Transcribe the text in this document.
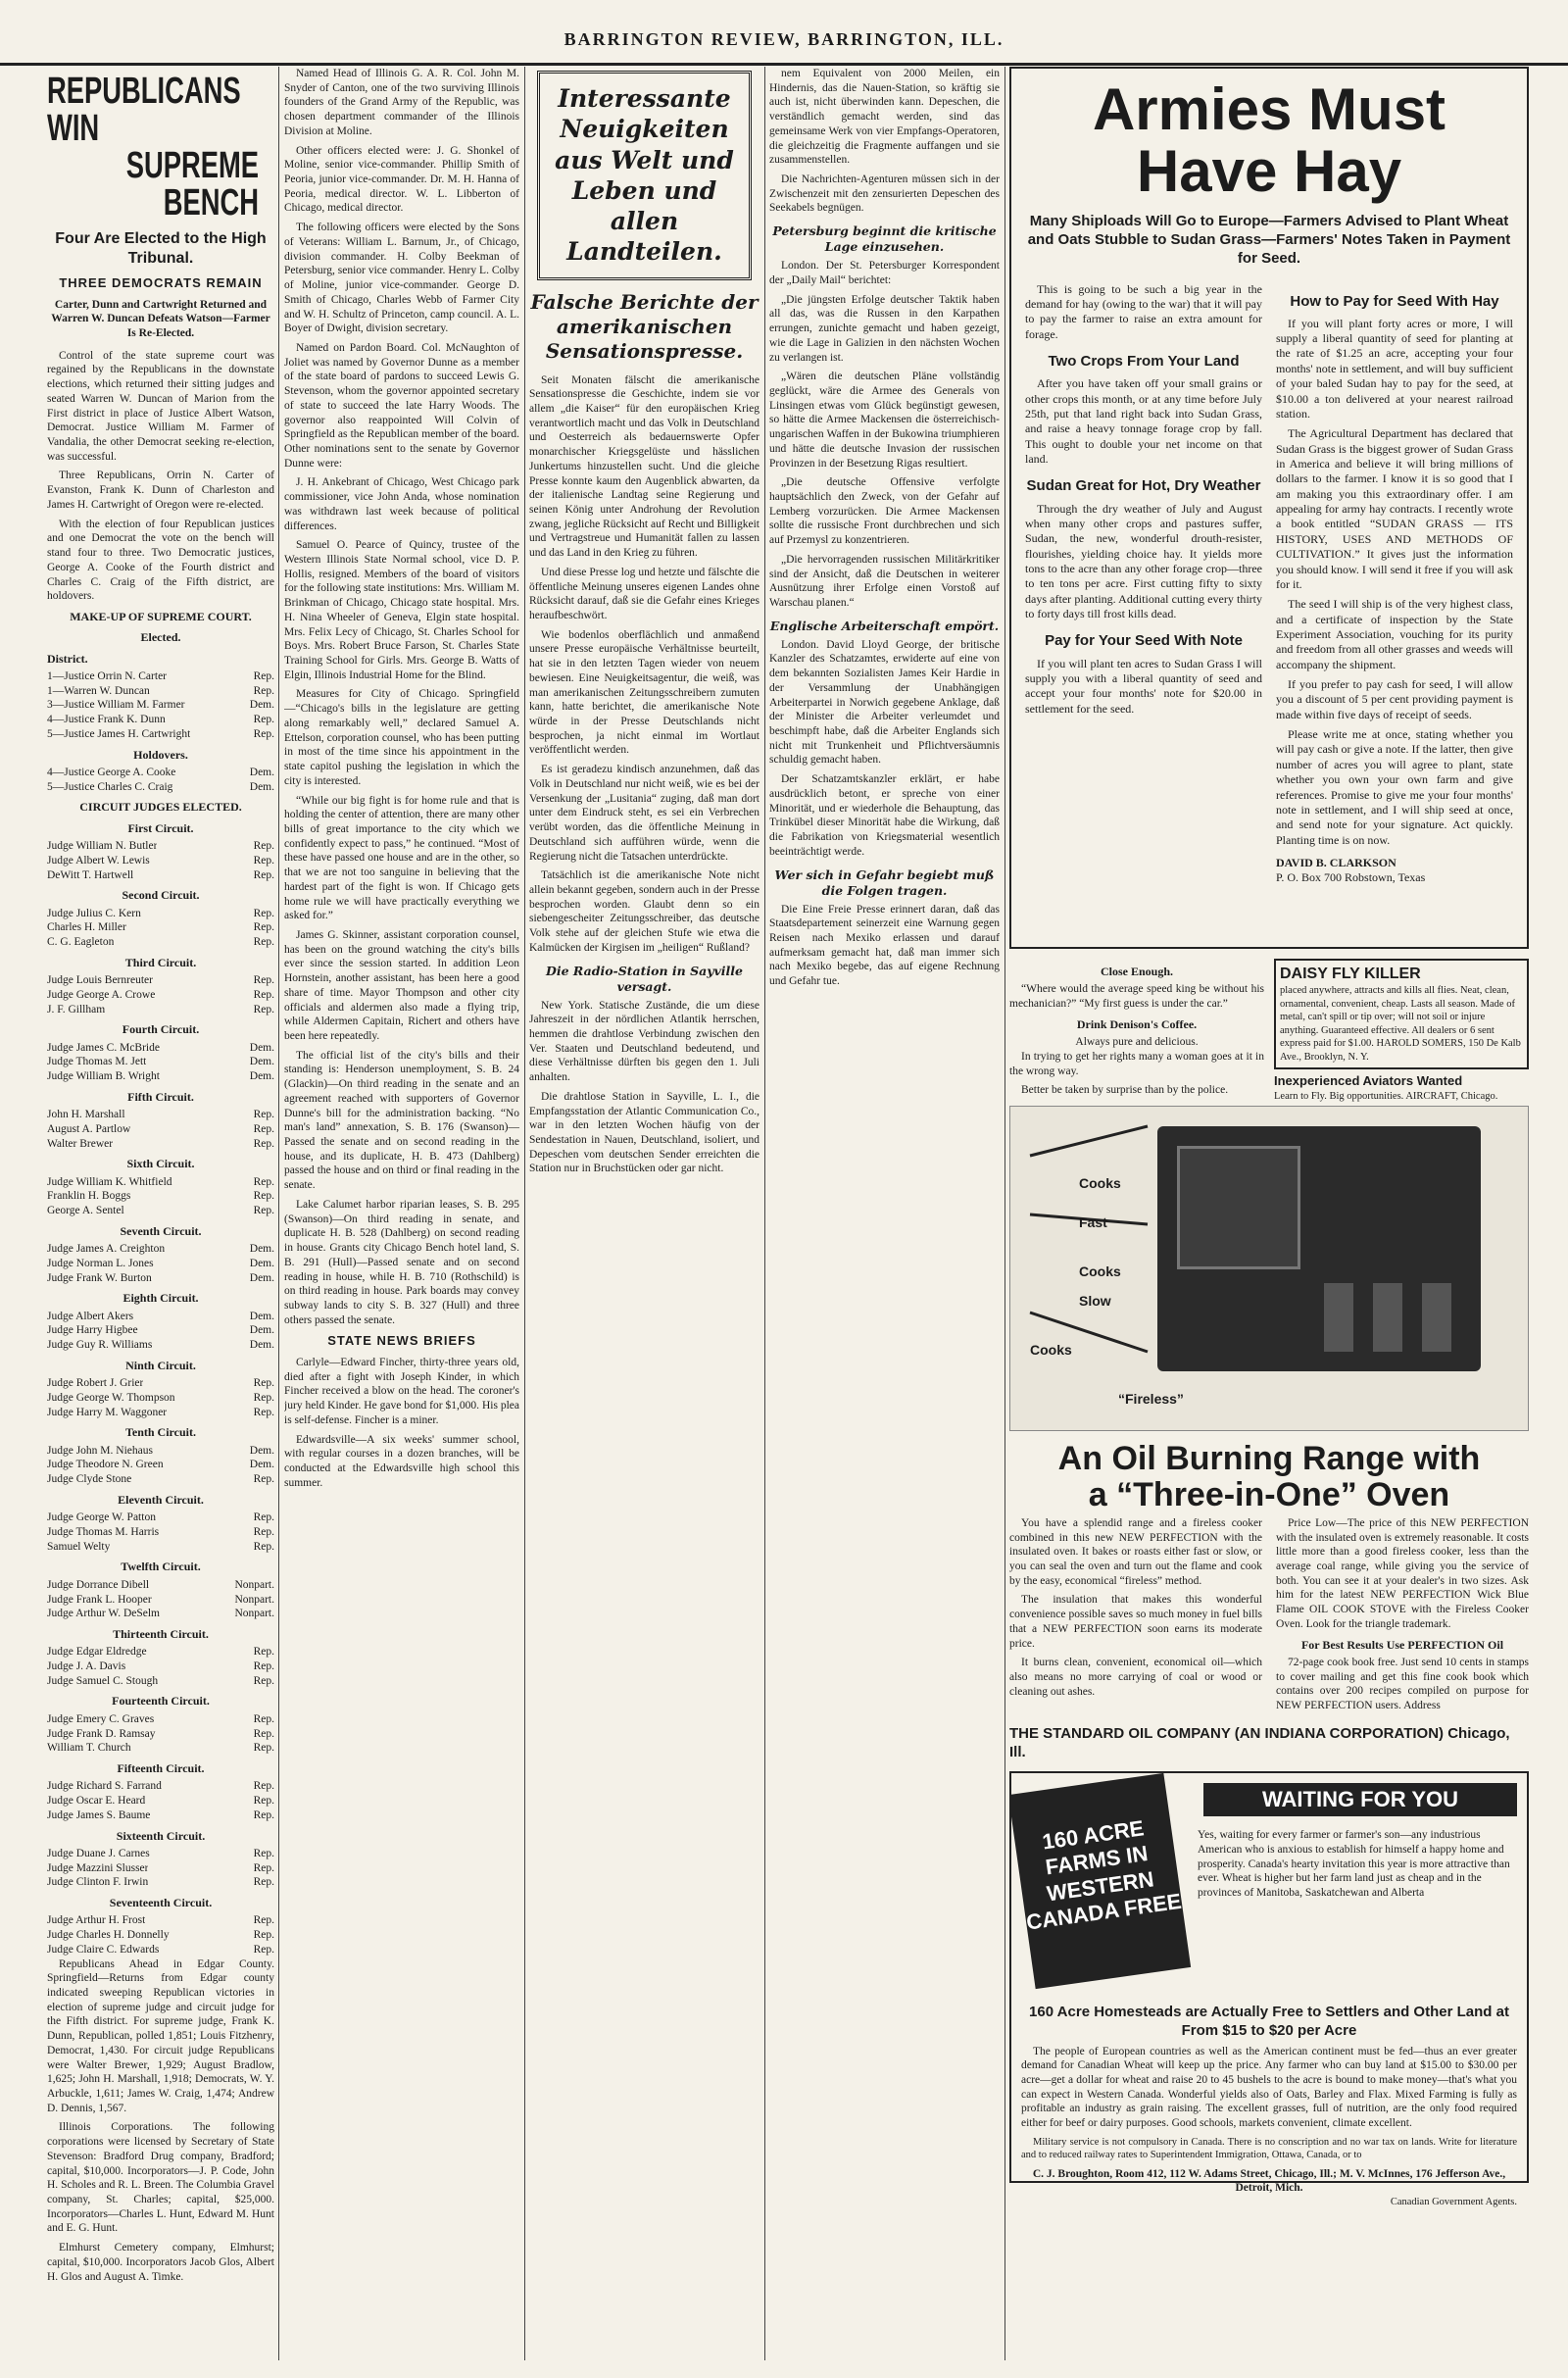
BARRINGTON REVIEW, BARRINGTON, ILL.
REPUBLICANS WIN
SUPREME BENCH
Four Are Elected to the High Tribunal.
THREE DEMOCRATS REMAIN
Carter, Dunn and Cartwright Returned and Warren W. Duncan Defeats Watson—Farmer Is Re-Elected.

Control of the state supreme court was regained by the Republicans in the downstate elections, which returned their sitting judges and seated Warren W. Duncan of Marion from the First district in place of Justice Albert Watson, Democrat. Justice William M. Farmer of Vandalia, the other Democrat seeking re-election, was successful.

Three Republicans, Orrin N. Carter of Evanston, Frank K. Dunn of Charleston and James H. Cartwright of Oregon were re-elected.

With the election of four Republican justices and one Democrat the vote on the bench will stand four to three. Two Democratic justices, George A. Cooke of the Fourth district and Charles C. Craig of the Fifth district, are holdovers.

MAKE-UP OF SUPREME COURT.
Elected.
District.
1—Justice Orrin N. Carter	Rep.
1—Warren W. Duncan	Rep.
3—Justice William M. Farmer	Dem.
4—Justice Frank K. Dunn	Rep.
5—Justice James H. Cartwright	Rep.
Holdovers.
4—Justice George A. Cooke	Dem.
5—Justice Charles C. Craig	Dem.
CIRCUIT JUDGES ELECTED.
First Circuit.
Judge William N. Butler	Rep.
Judge Albert W. Lewis	Rep.
DeWitt T. Hartwell	Rep.
Second Circuit.
Judge Julius C. Kern	Rep.
Charles H. Miller	Rep.
C. G. Eagleton	Rep.
Third Circuit.
Judge Louis Bernreuter	Rep.
Judge George A. Crowe	Rep.
J. F. Gillham	Rep.
Fourth Circuit.
Judge James C. McBride	Dem.
Judge Thomas M. Jett	Dem.
Judge William B. Wright	Dem.
Fifth Circuit.
John H. Marshall	Rep.
August A. Partlow	Rep.
Walter Brewer	Rep.
Sixth Circuit.
Judge William K. Whitfield	Rep.
Franklin H. Boggs	Rep.
George A. Sentel	Rep.
Seventh Circuit.
Judge James A. Creighton	Dem.
Judge Norman L. Jones	Dem.
Judge Frank W. Burton	Dem.
Eighth Circuit.
Judge Albert Akers	Dem.
Judge Harry Higbee	Dem.
Judge Guy R. Williams	Dem.
Ninth Circuit.
Judge Robert J. Grier	Rep.
Judge George W. Thompson	Rep.
Judge Harry M. Waggoner	Rep.
Tenth Circuit.
Judge John M. Niehaus	Dem.
Judge Theodore N. Green	Dem.
Judge Clyde Stone	Rep.
Eleventh Circuit.
Judge George W. Patton	Rep.
Judge Thomas M. Harris	Rep.
Samuel Welty	Rep.
Twelfth Circuit.
Judge Dorrance Dibell	Nonpart.
Judge Frank L. Hooper	Nonpart.
Judge Arthur W. DeSelm	Nonpart.
Thirteenth Circuit.
Judge Edgar Eldredge	Rep.
Judge J. A. Davis	Rep.
Judge Samuel C. Stough	Rep.
Fourteenth Circuit.
Judge Emery C. Graves	Rep.
Judge Frank D. Ramsay	Rep.
William T. Church	Rep.
Fifteenth Circuit.
Judge Richard S. Farrand	Rep.
Judge Oscar E. Heard	Rep.
Judge James S. Baume	Rep.
Sixteenth Circuit.
Judge Duane J. Carnes	Rep.
Judge Mazzini Slusser	Rep.
Judge Clinton F. Irwin	Rep.
Seventeenth Circuit.
Judge Arthur H. Frost	Rep.
Judge Charles H. Donnelly	Rep.
Judge Claire C. Edwards	Rep.

Republicans Ahead in Edgar County. Springfield—Returns from Edgar county indicated sweeping Republican victories in election of supreme judge and circuit judge for the Fifth district. For supreme judge, Frank K. Dunn, Republican, polled 1,851; Louis Fitzhenry, Democrat, 1,430. For circuit judge Republicans were Walter Brewer, 1,929; August Bradlow, 1,625; John H. Marshall, 1,918; Democrats, W. Y. Arbuckle, 1,611; James W. Craig, 1,474; Andrew D. Dennis, 1,567.

Illinois Corporations. The following corporations were licensed by Secretary of State Stevenson: Bradford Drug company, Bradford; capital, $10,000. Incorporators—J. P. Code, John H. Scholes and R. L. Breen. The Columbia Gravel company, St. Charles; capital, $25,000. Incorporators—Charles L. Hunt, Edward M. Hunt and E. G. Hunt.

Elmhurst Cemetery company, Elmhurst; capital, $10,000. Incorporators Jacob Glos, Albert H. Glos and August A. Timke.

Named Head of Illinois G. A. R. Col. John M. Snyder of Canton, one of the two surviving Illinois founders of the Grand Army of the Republic, was chosen department commander of the Illinois Division at Moline.

Other officers elected were: J. G. Shonkel of Moline, senior vice-commander. Phillip Smith of Peoria, junior vice-commander. Dr. M. H. Hanna of Peoria, medical director. W. L. Libberton of Chicago, medical director.

The following officers were elected by the Sons of Veterans: William L. Barnum, Jr., of Chicago, division commander. H. Colby Beekman of Petersburg, senior vice commander. Henry L. Colby of Moline, junior vice-commander. George D. Smith of Chicago, Charles Webb of Farmer City and W. H. Schultz of Princeton, camp council. A. L. Boyer of Dwight, division secretary.

Named on Pardon Board. Col. McNaughton of Joliet was named by Governor Dunne as a member of the state board of pardons to succeed Lewis G. Stevenson, whom the governor appointed secretary of state to succeed the late Harry Woods. The governor also reappointed Will Colvin of Springfield as the Republican member of the board. Other nominations sent to the senate by Governor Dunne were:

J. H. Ankebrant of Chicago, West Chicago park commissioner, vice John Anda, whose nomination was withdrawn last week because of political differences.

Samuel O. Pearce of Quincy, trustee of the Western Illinois State Normal school, vice D. P. Hollis, resigned. Members of the board of visitors for the following state institutions: Mrs. William M. Brinkman of Chicago, Chicago state hospital. Mrs. H. Nina Wheeler of Geneva, Elgin state hospital. Mrs. Felix Lecy of Chicago, St. Charles School for Boys. Mrs. Robert Bruce Farson, St. Charles State Training School for Girls. Mrs. George B. Watts of Elgin, Illinois Industrial Home for the Blind.

Measures for City of Chicago. Springfield—“Chicago's bills in the legislature are getting along remarkably well,” declared Samuel A. Ettelson, corporation counsel, who has been putting in most of the time since his appointment in the state capitol pushing the legislation in which the city is interested.

“While our big fight is for home rule and that is holding the center of attention, there are many other bills of great importance to the city which we confidently expect to pass,” he continued. “Most of these have passed one house and are in the other, so that we are not too sanguine in believing that the hardest part of the fight is won. If Chicago gets home rule we will have practically everything we asked for.”

James G. Skinner, assistant corporation counsel, has been on the ground watching the city's bills ever since the session started. In addition Leon Hornstein, another assistant, has been here a good share of time. Mayor Thompson and other city officials and aldermen also made a flying trip, while Aldermen Capitain, Richert and others have been here repeatedly.

The official list of the city's bills and their standing is: Henderson unemployment, S. B. 24 (Glackin)—On third reading in the senate and an agreement reached with supporters of Governor Dunne's bill for the administration backing. “No man's land” annexation, S. B. 176 (Swanson)—Passed the senate and on second reading in the house, and its duplicate, H. B. 473 (Dahlberg) passed the house and on third or final reading in the senate.

Lake Calumet harbor riparian leases, S. B. 295 (Swanson)—On third reading in senate, and duplicate H. B. 528 (Dahlberg) on second reading in house. Grants city Chicago Bench hotel land, S. B. 291 (Hull)—Passed senate and on second reading in house, while H. B. 710 (Rothschild) is on third reading in house. Park boards may convey subway lands to city S. B. 327 (Hull) and three others passed the senate.

STATE NEWS BRIEFS

Carlyle—Edward Fincher, thirty-three years old, died after a fight with Joseph Kinder, in which Fincher received a blow on the head. The coroner's jury held Kinder. He gave bond for $1,000. His plea is self-defense. Fincher is a miner.

Edwardsville—A six weeks' summer school, with regular courses in a dozen branches, will be conducted at the Edwardsville high school this summer.

Interessante Neuigkeiten aus Welt und Leben und allen Landteilen.
Falsche Berichte der amerikanischen Sensationspresse.

Seit Monaten fälscht die amerikanische Sensationspresse die Geschichte, indem sie vor allem „die Kaiser“ für den europäischen Krieg verantwortlich macht und das Volk in Deutschland und Oesterreich als bedauernswerte Opfer monarchischer Kriegsgelüste und hässlichen Junkertums hinzustellen sucht. Und die gleiche Presse konnte kaum den Augenblick abwarten, da der italienische Landtag seine Regierung und seinen König unter Androhung der Revolution zwang, jegliche Rücksicht auf Recht und Billigkeit und Vertragstreue und Humanität fallen zu lassen und das Land in den Krieg zu führen.

Und diese Presse log und hetzte und fälschte die öffentliche Meinung unseres eigenen Landes ohne Rücksicht darauf, daß sie die Gefahr eines Krieges heraufbeschwört.

Wie bodenlos oberflächlich und anmaßend unsere Presse europäische Verhältnisse beurteilt, hat sie in den letzten Tagen wieder von neuem bewiesen. Eine Neuigkeitsagentur, die weiß, was man amerikanischen Zeitungsschreibern zumuten kann, hatte berichtet, die amerikanische Note würde in der Presse Deutschlands nicht besprochen, ja nicht einmal im Wortlaut veröffentlicht werden.

Es ist geradezu kindisch anzunehmen, daß das Volk in Deutschland nur nicht weiß, wie es bei der Versenkung der „Lusitania“ zuging, daß man dort unter dem Eindruck steht, es sei ein Verbrechen verübt worden, das die öffentliche Meinung in Deutschland sich aufführen würde, wenn die Regierung nicht die Tatsachen unterdrückte.

Tatsächlich ist die amerikanische Note nicht allein bekannt gegeben, sondern auch in der Presse besprochen worden. Glaubt denn so ein siebengescheiter Zeitungsschreiber, das deutsche Volk stehe auf der gleichen Stufe wie etwa die Kalmücken der Kirgisen im „heiligen“ Rußland?

Die Radio-Station in Sayville versagt.

New York. Statische Zustände, die um diese Jahreszeit in der nördlichen Atlantik herrschen, hemmen die drahtlose Verbindung zwischen den Ver. Staaten und Deutschland bedeutend, und diese Verhältnisse dürften bis gegen den 1. Juli anhalten.

Die drahtlose Station in Sayville, L. I., die Empfangsstation der Atlantic Communication Co., war in den letzten Wochen häufig von der Sendestation in Nauen, Deutschland, isoliert, und Depeschen vom deutschen Sender erreichten die Station nur in Bruchstücken oder gar nicht.

nem Equivalent von 2000 Meilen, ein Hindernis, das die Nauen-Station, so kräftig sie auch ist, nicht überwinden kann. Depeschen, die verständlich gemacht werden, sind das gemeinsame Werk von vier Empfangs-Operatoren, die gleichzeitig die Fragmente auffangen und sie zusammenstellen.

Die Nachrichten-Agenturen müssen sich in der Zwischenzeit mit den zensurierten Depeschen des Seekabels begnügen.

Petersburg beginnt die kritische Lage einzusehen.

London. Der St. Petersburger Korrespondent der „Daily Mail“ berichtet:

„Die jüngsten Erfolge deutscher Taktik haben all das, was die Russen in den Karpathen errungen, zunichte gemacht und haben gezeigt, wie die Lage in Galizien in den nächsten Wochen zu verlangen ist.

„Wären die deutschen Pläne vollständig geglückt, wäre die Armee des Generals von Linsingen etwas vom Glück begünstigt gewesen, so hätte die Armee Mackensen die österreichisch-ungarischen Waffen in der Bukowina triumphieren und hätte die deutsche Invasion der russischen Provinzen in der Besetzung Rigas resultiert.

„Die deutsche Offensive verfolgte hauptsächlich den Zweck, von der Gefahr auf Lemberg vorzurücken. Die Armee Mackensen sollte die russische Front durchbrechen und sich auf Przemysl zu konzentrieren.

„Die hervorragenden russischen Militärkritiker sind der Ansicht, daß die Deutschen in weiterer Ausnützung ihrer Erfolge einen Vorstoß auf Warschau planen.“

Englische Arbeiterschaft empört.

London. David Lloyd George, der britische Kanzler des Schatzamtes, erwiderte auf eine von dem bekannten Sozialisten James Keir Hardie in der Versammlung der Unabhängigen Arbeiterpartei in Norwich gegebene Anklage, daß der Minister die Arbeiter verleumdet und beschimpft habe, daß die Arbeiter Englands sich nicht mit Trunkenheit und Pflichtversäumnis schuldig gemacht haben.

Der Schatzamtskanzler erklärt, er habe ausdrücklich betont, er spreche von einer Minorität, und er wiederhole die Behauptung, das Trinkübel dieser Minorität habe die Wirkung, daß die Fabrikation von Kriegsmaterial wesentlich beeinträchtigt werde.

Wer sich in Gefahr begiebt muß die Folgen tragen.

Die Eine Freie Presse erinnert daran, daß das Staatsdepartement seinerzeit eine Warnung gegen Reisen nach Mexiko erlassen und darauf aufmerksam gemacht hat, daß man immer sich nach Mexiko begebe, das auf eigene Rechnung und Gefahr tue.

Armies Must
Have Hay
Many Shiploads Will Go to Europe—Farmers Advised to Plant Wheat and Oats Stubble to Sudan Grass—Farmers' Notes Taken in Payment for Seed.

This is going to be such a big year in the demand for hay (owing to the war) that it will pay to pay the farmer to raise an extra amount for forage.

Two Crops From Your Land

After you have taken off your small grains or other crops this month, or at any time before July 25th, put that land right back into Sudan Grass, and raise a heavy tonnage forage crop by fall. This ought to double your net income on that land.

Sudan Great for Hot, Dry Weather

Through the dry weather of July and August when many other crops and pastures suffer, Sudan, the new, wonderful drouth-resister, flourishes, yielding choice hay. It yields more tons to the acre than any other forage crop—three to ten tons per acre. First cutting fifty to sixty days after planting. Additional cutting every thirty to forty days till frost kills dead.

Pay for Your Seed With Note

If you will plant ten acres to Sudan Grass I will supply you with a liberal quantity of seed and accept your four months' note for $20.00 in settlement for the seed.

How to Pay for Seed With Hay

If you will plant forty acres or more, I will supply a liberal quantity of seed for planting at the rate of $1.25 an acre, accepting your four months' note in settlement, and will buy sufficient of your baled Sudan hay to pay for the seed, at $10.00 a ton delivered at your nearest railroad station.

The Agricultural Department has declared that Sudan Grass is the biggest grower of Sudan Grass in America and believe it will bring millions of dollars to the farmer. I know it is so good that I am making you this extraordinary offer. I am appealing for army hay contracts. I recently wrote a book entitled “SUDAN GRASS — ITS HISTORY, USES AND METHODS OF CULTIVATION.” It gives just the information you should know. I will send it free if you will ask for it.

The seed I will ship is of the very highest class, and a certificate of inspection by the State Experiment Association, vouching for its purity and freedom from all other grasses and weeds will accompany the shipment.

If you prefer to pay cash for seed, I will allow you a discount of 5 per cent providing payment is made within five days of receipt of seeds.

Please write me at once, stating whether you will pay cash or give a note. If the latter, then give number of acres you will agree to plant, state whether you own your own farm and give references. Promise to give me your four months' note in settlement, and I will ship seed at once, and send note for your signature. Act quickly. Planting time is on now.

DAVID B. CLARKSON
P. O. Box 700 Robstown, Texas
Close Enough.

“Where would the average speed king be without his mechanician?” “My first guess is under the car.”

Drink Denison's Coffee.
Always pure and delicious.

In trying to get her rights many a woman goes at it in the wrong way.

Better be taken by surprise than by the police.

DAISY FLY KILLER
placed anywhere, attracts and kills all flies. Neat, clean, ornamental, convenient, cheap. Lasts all season. Made of metal, can't spill or tip over; will not soil or injure anything. Guaranteed effective. All dealers or 6 sent express paid for $1.00. HAROLD SOMERS, 150 De Kalb Ave., Brooklyn, N. Y.
Inexperienced Aviators Wanted
Learn to Fly. Big opportunities. AIRCRAFT, Chicago.
Cooks
Fast
Cooks
Slow
Cooks
“Fireless”
An Oil Burning Range with
a “Three-in-One” Oven

You have a splendid range and a fireless cooker combined in this new NEW PERFECTION with the insulated oven. It bakes or roasts either fast or slow, or you can seal the oven and turn out the flame and cook by the easy, economical “fireless” method.

The insulation that makes this wonderful convenience possible saves so much money in fuel bills that a NEW PERFECTION soon earns its moderate price.

It burns clean, convenient, economical oil—which also means no more carrying of coal or wood or cleaning out ashes.

Price Low—The price of this NEW PERFECTION with the insulated oven is extremely reasonable. It costs little more than a good fireless cooker, less than the average coal range, while giving you the service of both. You can see it at your dealer's in two sizes. Ask him for the latest NEW PERFECTION Wick Blue Flame OIL COOK STOVE with the Fireless Cooker Oven. Look for the triangle trademark.

For Best Results Use PERFECTION Oil

72-page cook book free. Just send 10 cents in stamps to cover mailing and get this fine cook book which contains over 200 recipes compiled on purpose for NEW PERFECTION users. Address

THE STANDARD OIL COMPANY (AN INDIANA CORPORATION) Chicago, Ill.
160 ACRE FARMS IN WESTERN CANADA FREE
WAITING FOR YOU
Yes, waiting for every farmer or farmer's son—any industrious American who is anxious to establish for himself a happy home and prosperity. Canada's hearty invitation this year is more attractive than ever. Wheat is higher but her farm land just as cheap and in the provinces of Manitoba, Saskatchewan and Alberta
160 Acre Homesteads are Actually Free to Settlers and Other Land at From $15 to $20 per Acre

The people of European countries as well as the American continent must be fed—thus an ever greater demand for Canadian Wheat will keep up the price. Any farmer who can buy land at $15.00 to $30.00 per acre—get a dollar for wheat and raise 20 to 45 bushels to the acre is bound to make money—that's what you can expect in Western Canada. Wonderful yields also of Oats, Barley and Flax. Mixed Farming is fully as profitable an industry as grain raising. The excellent grasses, full of nutrition, are the only food required either for beef or dairy purposes. Good schools, markets convenient, climate excellent.

Military service is not compulsory in Canada. There is no conscription and no war tax on lands. Write for literature and to reduced railway rates to Superintendent Immigration, Ottawa, Canada, or to

C. J. Broughton, Room 412, 112 W. Adams Street, Chicago, Ill.; M. V. McInnes, 176 Jefferson Ave., Detroit, Mich.
Canadian Government Agents.
